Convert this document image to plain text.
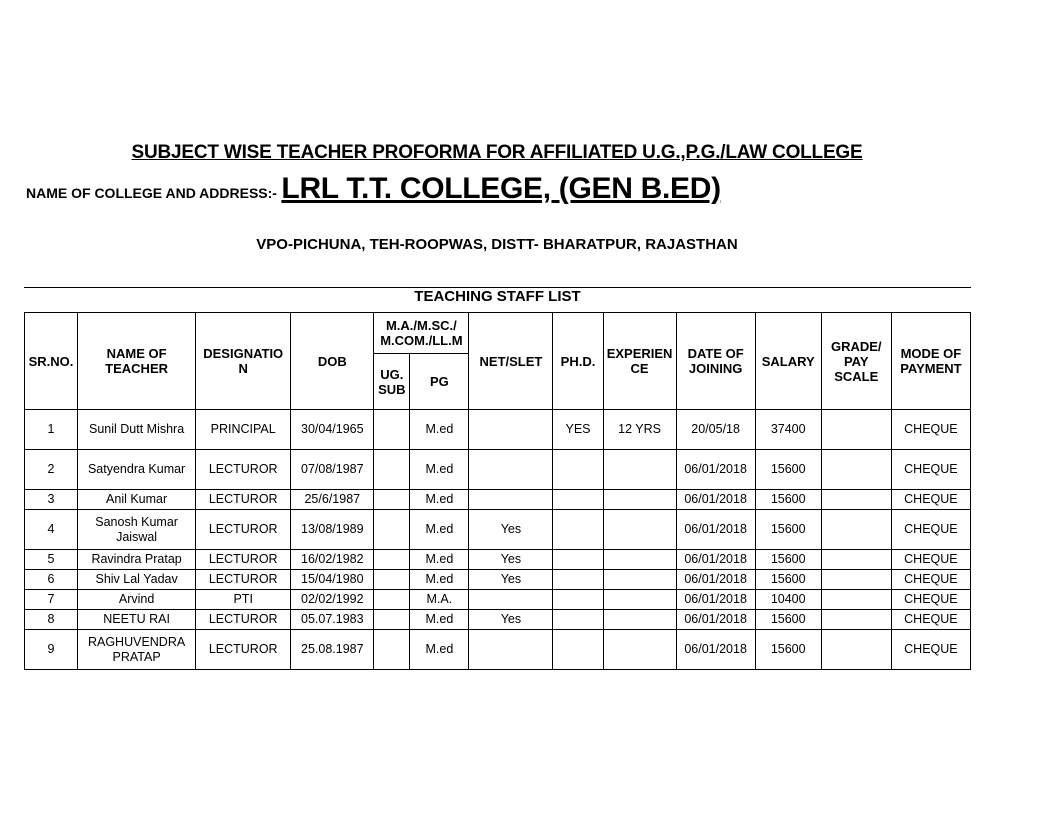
SUBJECT WISE TEACHER PROFORMA FOR AFFILIATED U.G.,P.G./LAW COLLEGE
NAME OF COLLEGE AND ADDRESS:- LRL T.T. COLLEGE, (GEN B.ED)
VPO-PICHUNA, TEH-ROOPWAS, DISTT- BHARATPUR, RAJASTHAN
TEACHING STAFF LIST
SR.NO.	NAME OF TEACHER	DESIGNATIO N	DOB	M.A./M.SC./ M.COM./LL.M		NET/SLET	PH.D.	EXPERIEN CE	DATE OF JOINING	SALARY	GRADE/ PAY SCALE	MODE OF PAYMENT
				UG. SUB	PG							
1	Sunil Dutt Mishra	PRINCIPAL	30/04/1965		M.ed		YES	12 YRS	20/05/18	37400		CHEQUE
2	Satyendra Kumar	LECTUROR	07/08/1987		M.ed				06/01/2018	15600		CHEQUE
3	Anil Kumar	LECTUROR	25/6/1987		M.ed				06/01/2018	15600		CHEQUE
4	Sanosh Kumar Jaiswal	LECTUROR	13/08/1989		M.ed	Yes			06/01/2018	15600		CHEQUE
5	Ravindra Pratap	LECTUROR	16/02/1982		M.ed	Yes			06/01/2018	15600		CHEQUE
6	Shiv Lal Yadav	LECTUROR	15/04/1980		M.ed	Yes			06/01/2018	15600		CHEQUE
7	Arvind	PTI	02/02/1992		M.A.				06/01/2018	10400		CHEQUE
8	NEETU RAI	LECTUROR	05.07.1983		M.ed	Yes			06/01/2018	15600		CHEQUE
9	RAGHUVENDRA PRATAP	LECTUROR	25.08.1987		M.ed				06/01/2018	15600		CHEQUE
